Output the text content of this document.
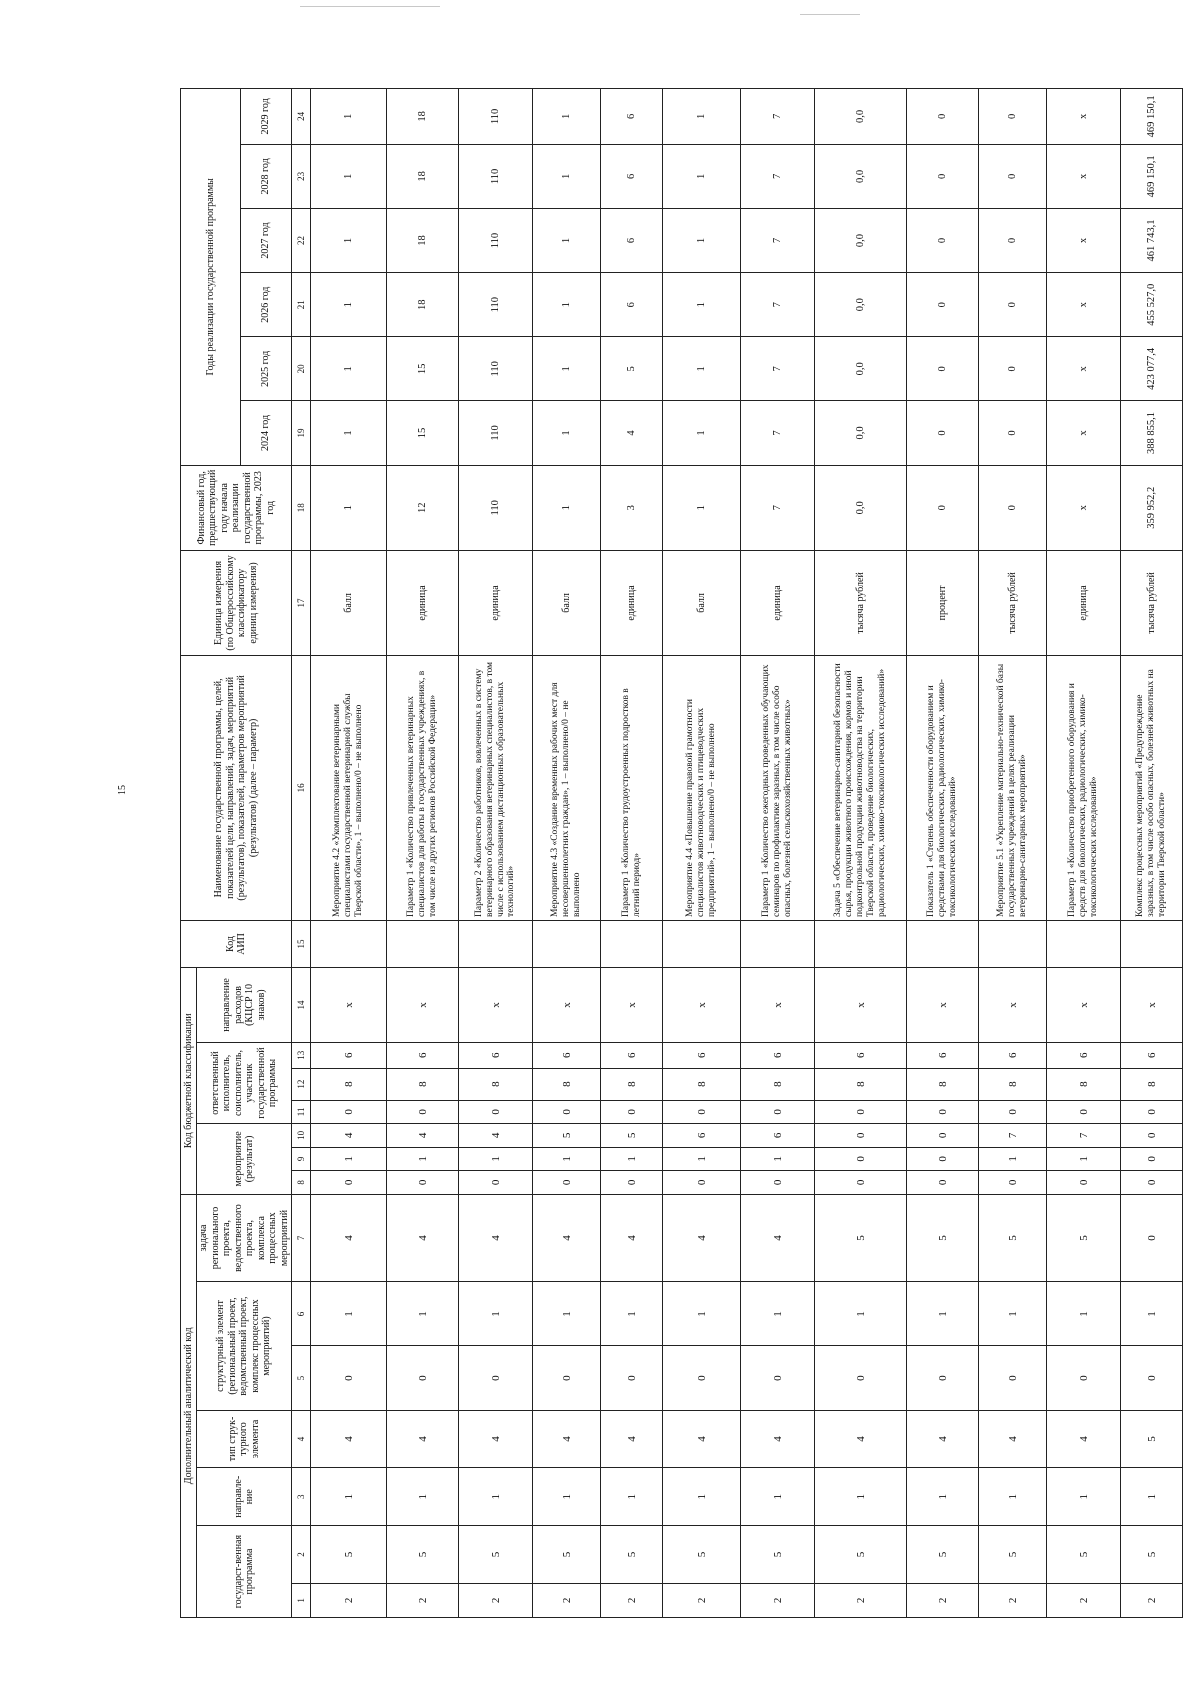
15
Дополнительный аналитический код							Код бюджетной классификации							Код АИП	Наименование государственной программы, целей, показателей цели, направлений, задач, мероприятий (результатов), показателей, параметров мероприятий (результатов) (далее – параметр)	Единица измерения (по Общероссийскому классификатору единиц измерения)	Финансовый год, предшествующий году начала реализации государственной программы, 2023 год	Годы реализации государственной программы					
государст-венная программа		направле-ние	тип струк-турного элемента	структурный элемент (региональный проект, ведомственный проект, комплекс процессных мероприятий)		задача регионального проекта, ведомственного проекта, комплекса процессных мероприятий	мероприятие (результат)			ответственный исполнитель, соисполнитель, участник государственной программы			направление расходов (КЦСР 10 знаков)										
																		2024 год	2025 год	2026 год	2027 год	2028 год	2029 год
1	2	3	4	5	6	7	8	9	10	11	12	13	14	15	16	17	18	19	20	21	22	23	24
2	5	1	4	0	1	4	0	1	4	0	8	6	x		Мероприятие 4.2 «Укомплектование ветеринарными специалистами государственной ветеринарной службы Тверской области», 1 – выполнено/0 – не выполнено	балл	1	1	1	1	1	1	1
2	5	1	4	0	1	4	0	1	4	0	8	6	x		Параметр 1 «Количество привлеченных ветеринарных специалистов для работы в государственных учреждениях, в том числе из других регионов Российской Федерации»	единица	12	15	15	18	18	18	18
2	5	1	4	0	1	4	0	1	4	0	8	6	x		Параметр 2 «Количество работников, вовлеченных в систему ветеринарного образования ветеринарных специалистов, в том числе с использованием дистанционных образовательных технологий»	единица	110	110	110	110	110	110	110
2	5	1	4	0	1	4	0	1	5	0	8	6	x		Мероприятие 4.3 «Создание временных рабочих мест для несовершеннолетних граждан», 1 – выполнено/0 – не выполнено	балл	1	1	1	1	1	1	1
2	5	1	4	0	1	4	0	1	5	0	8	6	x		Параметр 1 «Количество трудоустроенных подростков в летний период»	единица	3	4	5	6	6	6	6
2	5	1	4	0	1	4	0	1	6	0	8	6	x		Мероприятие 4.4 «Повышение правовой грамотности специалистов животноводческих и птицеводческих предприятий», 1 – выполнено/0 – не выполнено	балл	1	1	1	1	1	1	1
2	5	1	4	0	1	4	0	1	6	0	8	6	x		Параметр 1 «Количество ежегодных проведенных обучающих семинаров по профилактике заразных, в том числе особо опасных, болезней сельскохозяйственных животных»	единица	7	7	7	7	7	7	7
2	5	1	4	0	1	5	0	0	0	0	8	6	x		Задача 5 «Обеспечение ветеринарно-санитарной безопасности сырья, продукции животного происхождения, кормов и иной подконтрольной продукции животноводства на территории Тверской области, проведение биологических, радиологических, химико-токсикологических исследований»	тысяча рублей	0,0	0,0	0,0	0,0	0,0	0,0	0,0
2	5	1	4	0	1	5	0	0	0	0	8	6	x		Показатель 1 «Степень обеспеченности оборудованием и средствами для биологических, радиологических, химико-токсикологических исследований»	процент	0	0	0	0	0	0	0
2	5	1	4	0	1	5	0	1	7	0	8	6	x		Мероприятие 5.1 «Укрепление материально-технической базы государственных учреждений в целях реализации ветеринарно-санитарных мероприятий»	тысяча рублей	0	0	0	0	0	0	0
2	5	1	4	0	1	5	0	1	7	0	8	6	x		Параметр 1 «Количество приобретенного оборудования и средств для биологических, радиологических, химико-токсикологических исследований»	единица	x	x	x	x	x	x	x
2	5	1	5	0	1	0	0	0	0	0	8	6	x		Комплекс процессных мероприятий «Предупреждение заразных, в том числе особо опасных, болезней животных на территории Тверской области»	тысяча рублей	359 952,2	388 855,1	423 077,4	455 527,0	461 743,1	469 150,1	469 150,1
